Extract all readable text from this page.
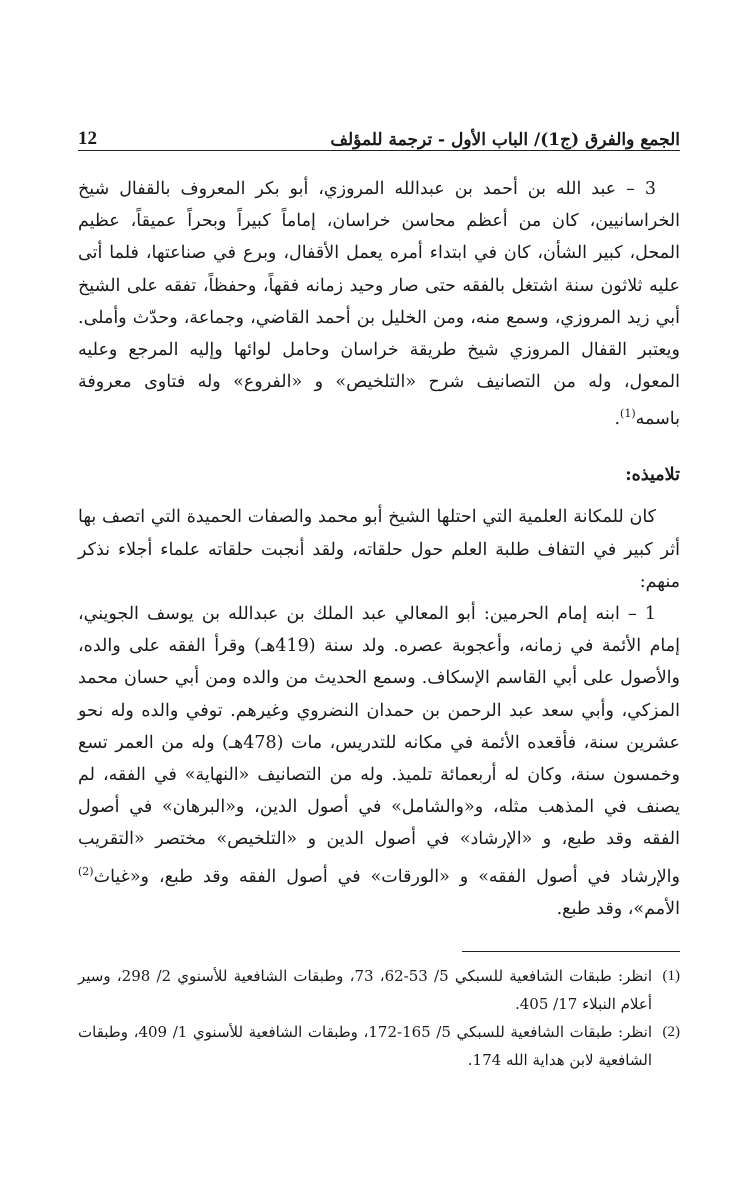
الجمع والفرق (ج1)/ الباب الأول - ترجمة للمؤلف
12

3 – عبد الله بن أحمد بن عبدالله المروزي، أبو بكر المعروف بالقفال شيخ الخراسانيين، كان من أعظم محاسن خراسان، إماماً كبيراً وبحراً عميقاً، عظيم المحل، كبير الشأن، كان في ابتداء أمره يعمل الأقفال، وبرع في صناعتها، فلما أتى عليه ثلاثون سنة اشتغل بالفقه حتى صار وحيد زمانه فقهاً، وحفظاً، تفقه على الشيخ أبي زيد المروزي، وسمع منه، ومن الخليل بن أحمد القاضي، وجماعة، وحدّث وأملى. ويعتبر القفال المروزي شيخ طريقة خراسان وحامل لوائها وإليه المرجع وعليه المعول، وله من التصانيف شرح «التلخيص» و «الفروع» وله فتاوى معروفة باسمه$^{(1)}$.

تلاميذه:

كان للمكانة العلمية التي احتلها الشيخ أبو محمد والصفات الحميدة التي اتصف بها أثر كبير في التفاف طلبة العلم حول حلقاته، ولقد أنجبت حلقاته علماء أجلاء نذكر منهم:

1 – ابنه إمام الحرمين: أبو المعالي عبد الملك بن عبدالله بن يوسف الجويني، إمام الأئمة في زمانه، وأعجوبة عصره. ولد سنة (419هـ) وقرأ الفقه على والده، والأصول على أبي القاسم الإسكاف. وسمع الحديث من والده ومن أبي حسان محمد المزكي، وأبي سعد عبد الرحمن بن حمدان النضروي وغيرهم. توفي والده وله نحو عشرين سنة، فأقعده الأئمة في مكانه للتدريس، مات (478هـ) وله من العمر تسع وخمسون سنة، وكان له أربعمائة تلميذ. وله من التصانيف «النهاية» في الفقه، لم يصنف في المذهب مثله، و«والشامل» في أصول الدين، و«البرهان» في أصول الفقه وقد طبع، و «الإرشاد» في أصول الدين و «التلخيص» مختصر «التقريب والإرشاد في أصول الفقه» و «الورقات» في أصول الفقه وقد طبع، و«غياث$^{(2)}$ الأمم»، وقد طبع.

(1)
انظر: طبقات الشافعية للسبكي 5/ 53-62، 73، وطبقات الشافعية للأسنوي 2/ 298، وسير أعلام النبلاء 17/ 405.
(2)
انظر: طبقات الشافعية للسبكي 5/ 165-172، وطبقات الشافعية للأسنوي 1/ 409، وطبقات الشافعية لابن هداية الله 174.
